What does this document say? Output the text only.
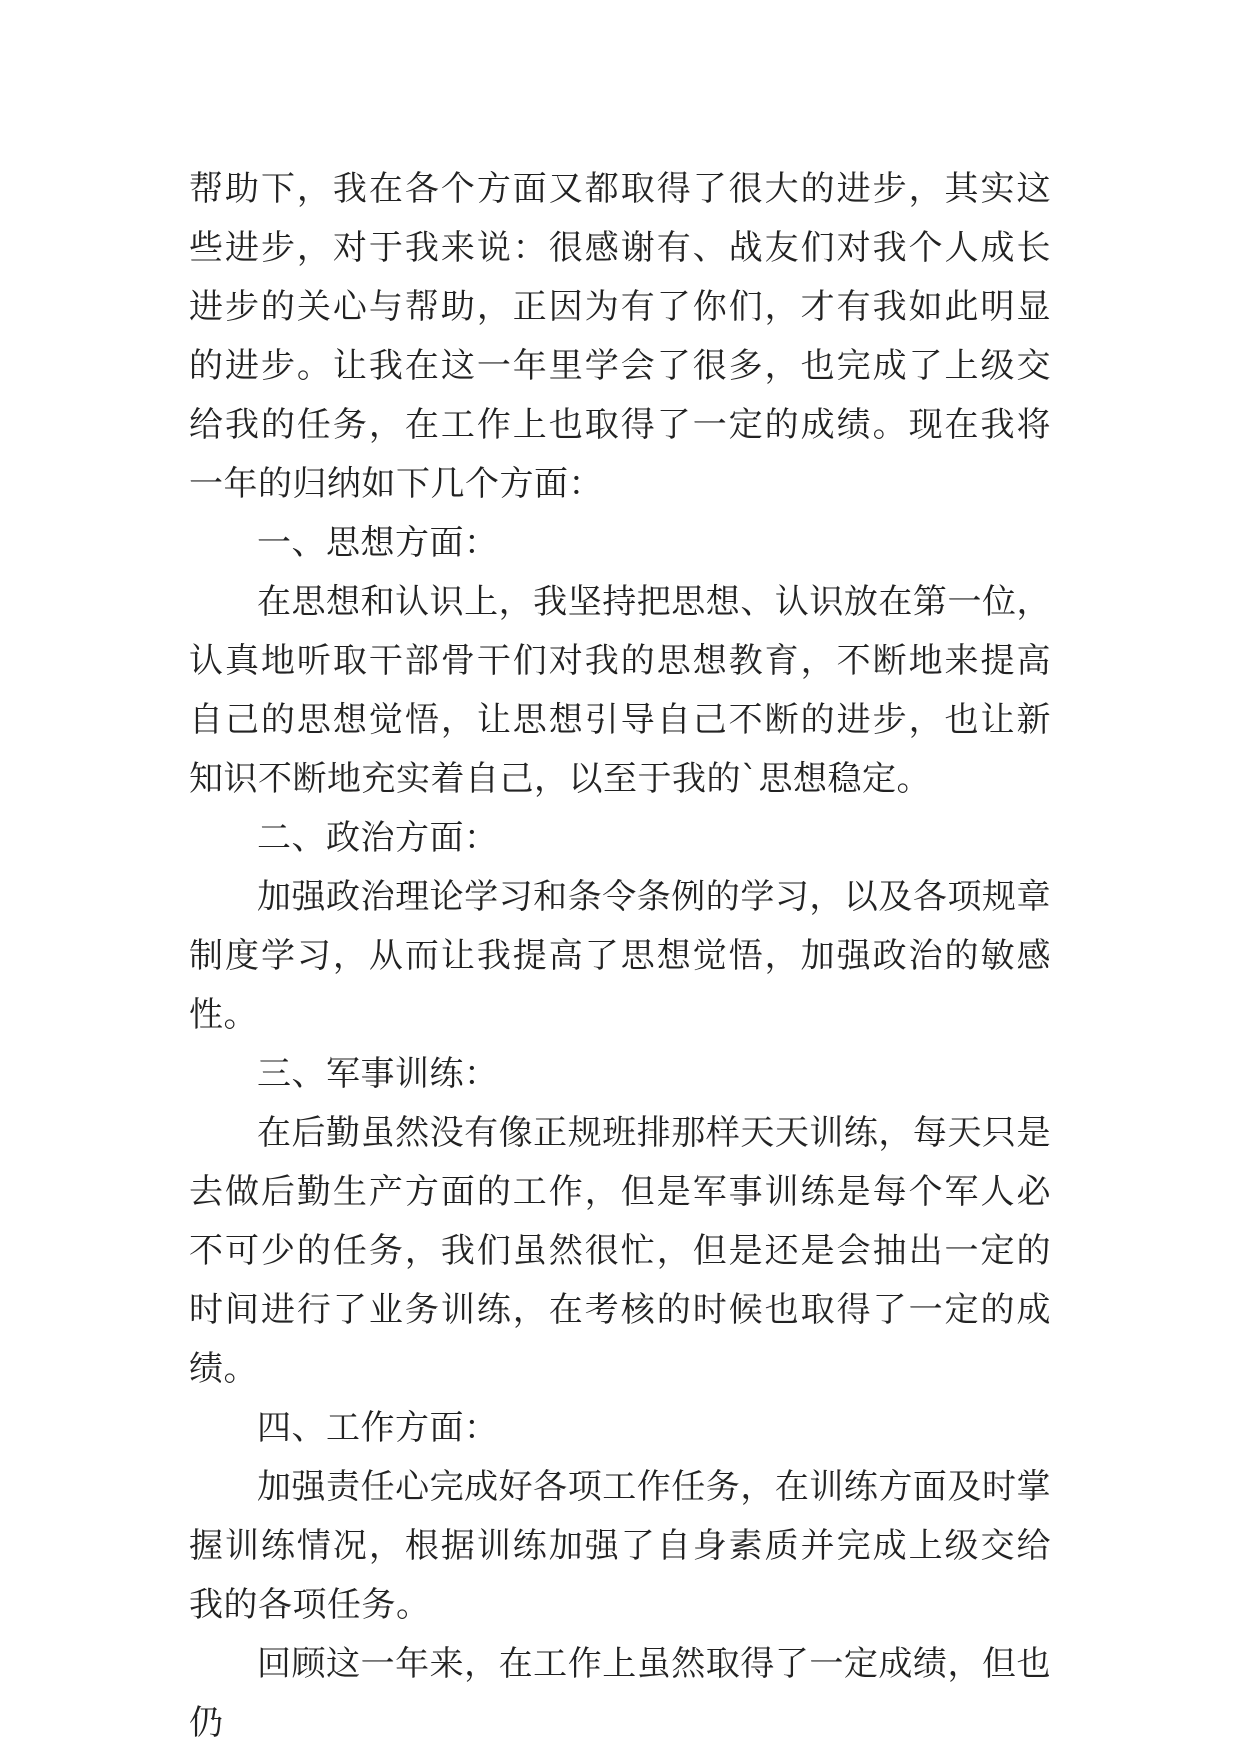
帮助下，我在各个方面又都取得了很大的进步，其实这些进步，对于我来说：很感谢有、战友们对我个人成长进步的关心与帮助，正因为有了你们，才有我如此明显的进步。让我在这一年里学会了很多，也完成了上级交给我的任务，在工作上也取得了一定的成绩。现在我将一年的归纳如下几个方面：

一、思想方面：

在思想和认识上，我坚持把思想、认识放在第一位，认真地听取干部骨干们对我的思想教育，不断地来提高自己的思想觉悟，让思想引导自己不断的进步，也让新知识不断地充实着自己，以至于我的`思想稳定。

二、政治方面：

加强政治理论学习和条令条例的学习，以及各项规章制度学习，从而让我提高了思想觉悟，加强政治的敏感性。

三、军事训练：

在后勤虽然没有像正规班排那样天天训练，每天只是去做后勤生产方面的工作，但是军事训练是每个军人必不可少的任务，我们虽然很忙，但是还是会抽出一定的时间进行了业务训练，在考核的时候也取得了一定的成绩。

四、工作方面：

加强责任心完成好各项工作任务，在训练方面及时掌握训练情况，根据训练加强了自身素质并完成上级交给我的各项任务。

回顾这一年来，在工作上虽然取得了一定成绩，但也仍
